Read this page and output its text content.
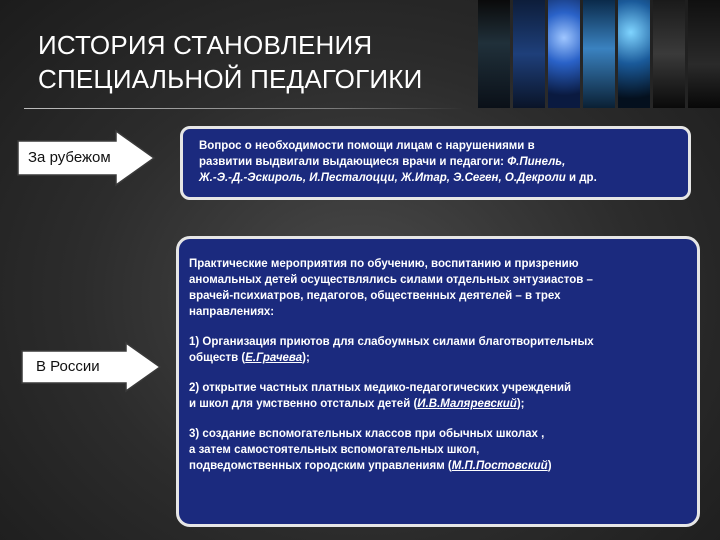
ИСТОРИЯ СТАНОВЛЕНИЯ
СПЕЦИАЛЬНОЙ ПЕДАГОГИКИ
За рубежом
В России
Вопрос о необходимости помощи лицам с нарушениями в
развитии выдвигали выдающиеся врачи и педагоги: Ф.Пинель,
Ж.-Э.-Д.-Эскироль, И.Песталоцци, Ж.Итар, Э.Сеген, О.Декроли и др.

Практические мероприятия по обучению, воспитанию и призрению
аномальных детей осуществлялись силами отдельных энтузиастов –
врачей-психиатров, педагогов, общественных деятелей – в трех
направлениях:

1) Организация приютов для слабоумных силами благотворительных
обществ (Е.Грачева);

2) открытие частных платных медико-педагогических учреждений
и школ для умственно отсталых детей (И.В.Маляревский);

3) создание вспомогательных классов при обычных школах ,
а затем самостоятельных вспомогательных школ,
подведомственных городским управлениям (М.П.Постовский)
